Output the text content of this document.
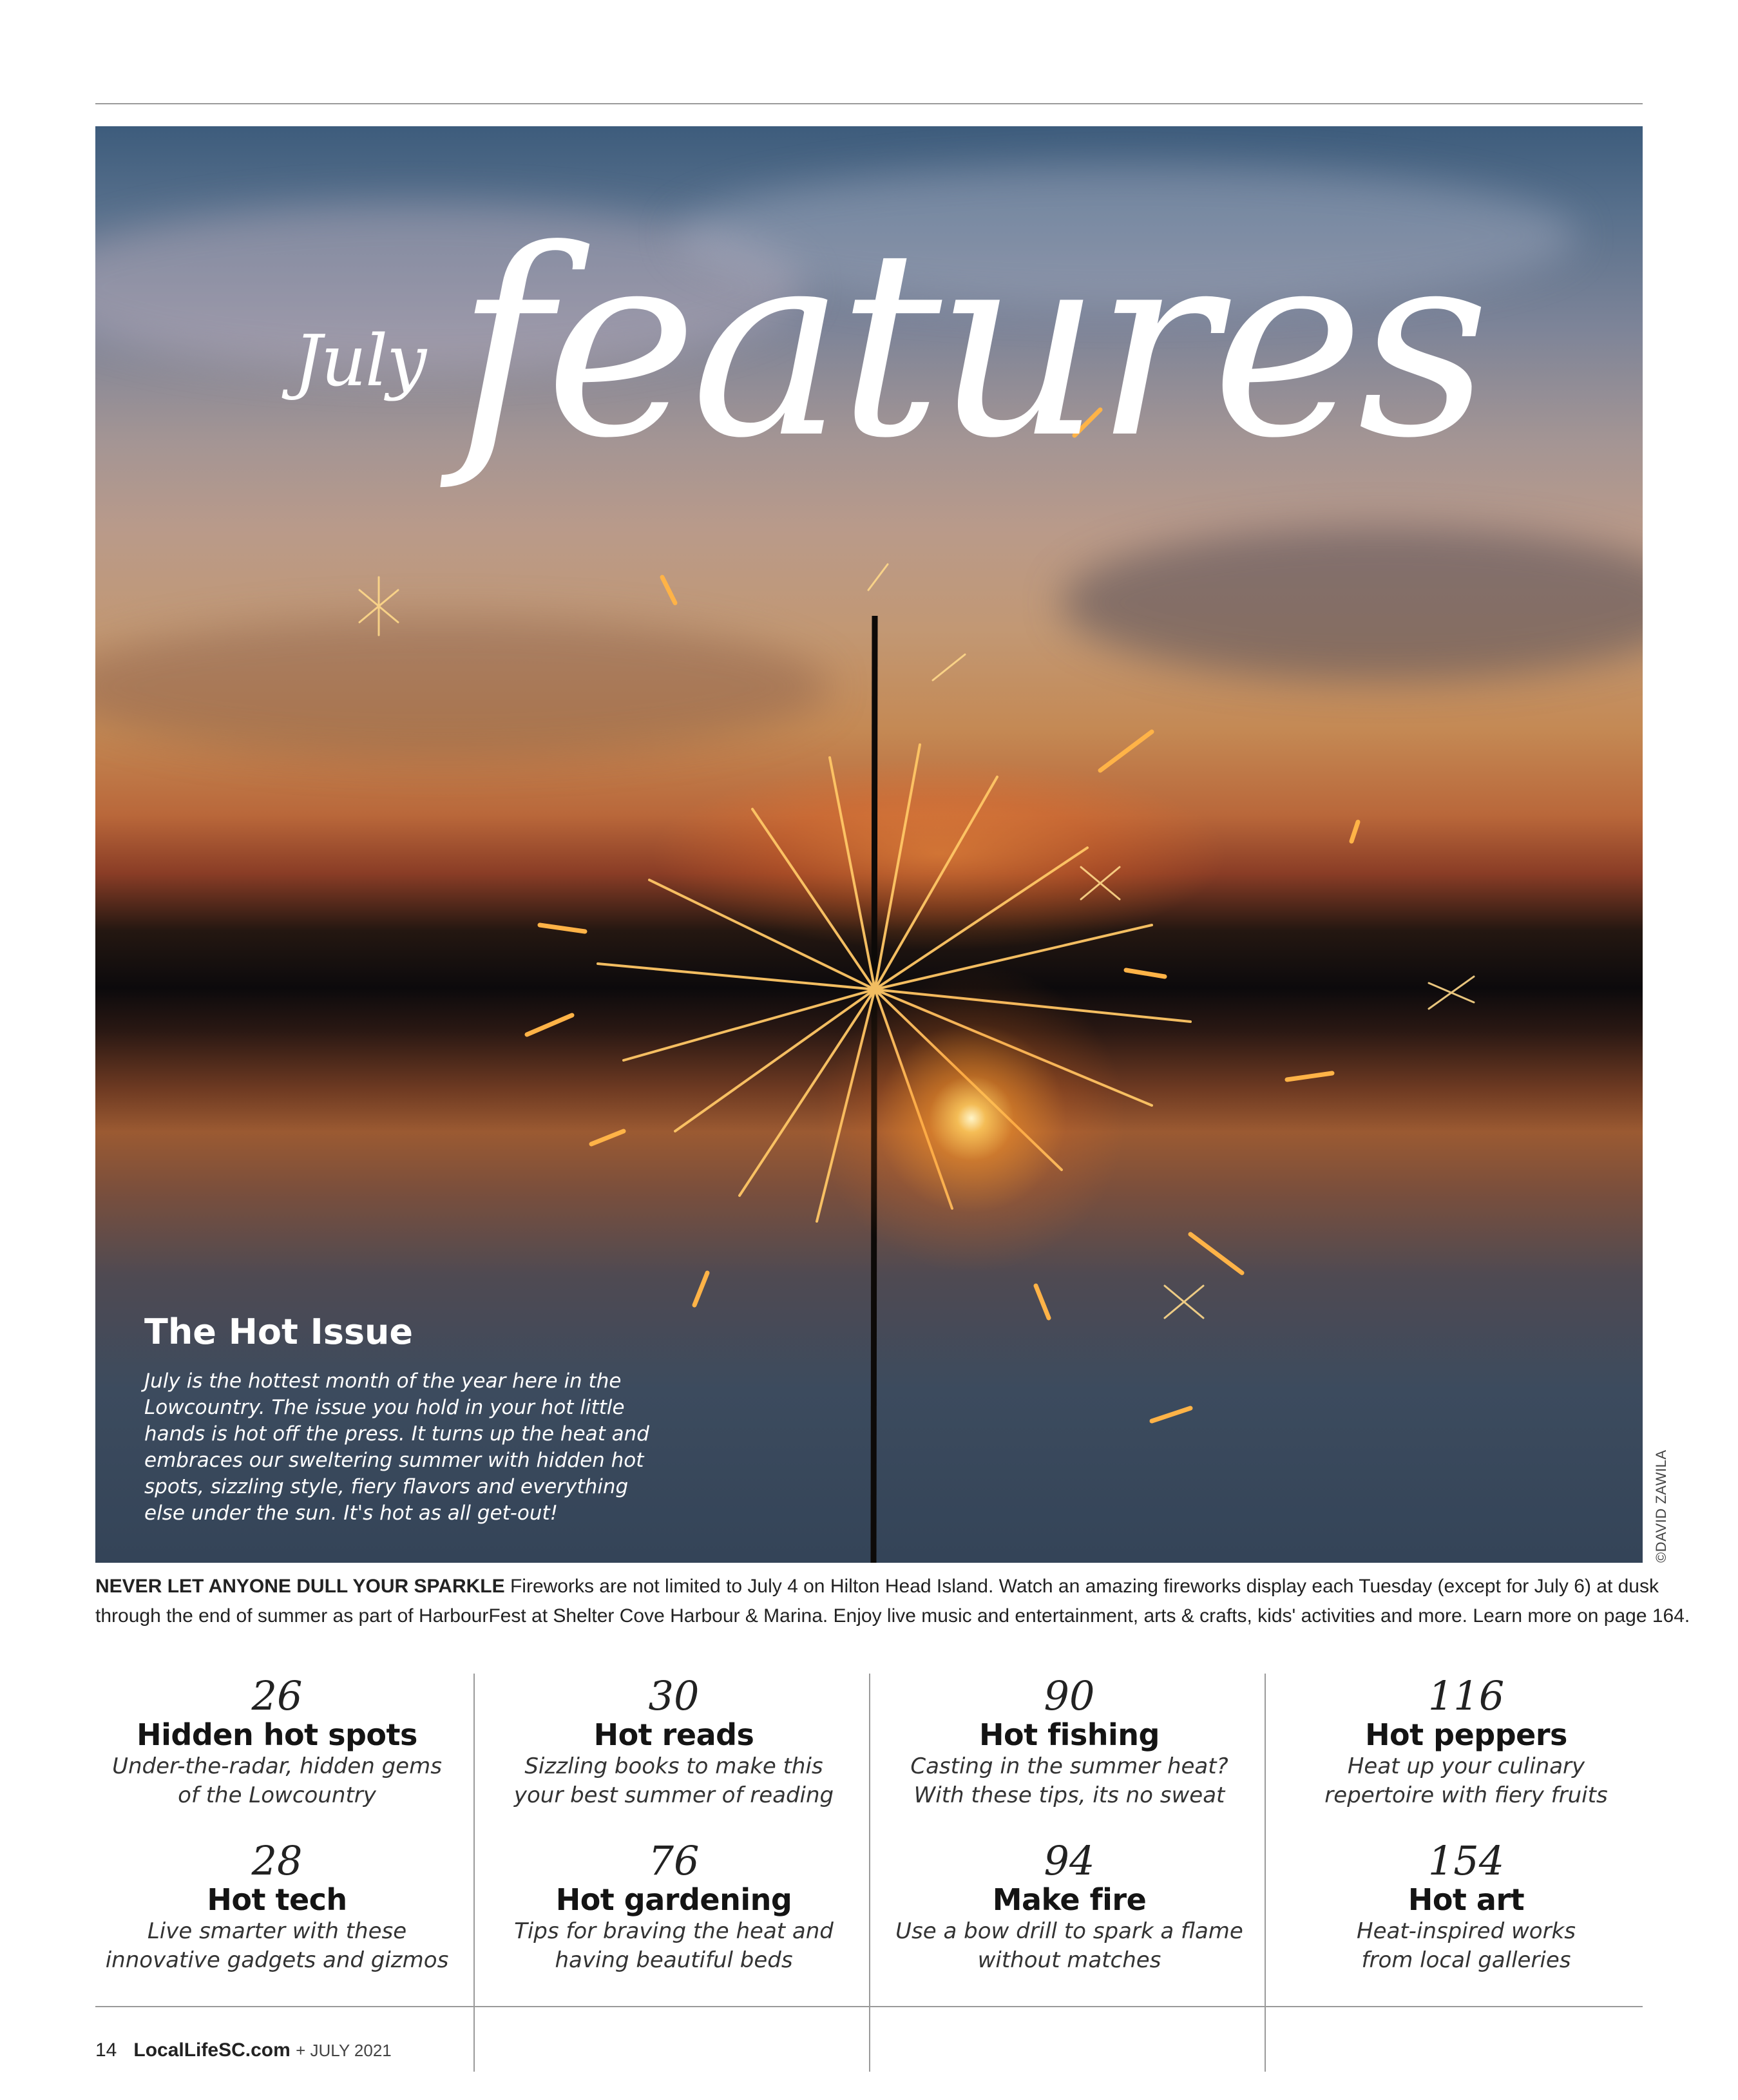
features
July
The Hot Issue
July is the hottest month of the year here in the
Lowcountry. The issue you hold in your hot little
hands is hot off the press. It turns up the heat and
embraces our sweltering summer with hidden hot
spots, sizzling style, fiery flavors and everything
else under the sun. It's hot as all get-out!	©DAVID ZAWILA
NEVER LET ANYONE DULL YOUR SPARKLE Fireworks are not limited to July 4 on Hilton Head Island. Watch an amazing fireworks display each Tuesday (except for July 6) at dusk
through the end of summer as part of HarbourFest at Shelter Cove Harbour & Marina. Enjoy live music and entertainment, arts & crafts, kids' activities and more. Learn more on page 164.
26
Hidden hot spots
Under-the-radar, hidden gems
of the Lowcountry
30
Hot reads
Sizzling books to make this
your best summer of reading
90
Hot fishing
Casting in the summer heat?
With these tips, its no sweat
116
Hot peppers
Heat up your culinary
repertoire with fiery fruits
28
Hot tech
Live smarter with these
innovative gadgets and gizmos
76
Hot gardening
Tips for braving the heat and
having beautiful beds
94
Make fire
Use a bow drill to spark a flame
without matches
154
Hot art
Heat-inspired works
from local galleries
14 LocalLifeSC.com + JULY 2021
